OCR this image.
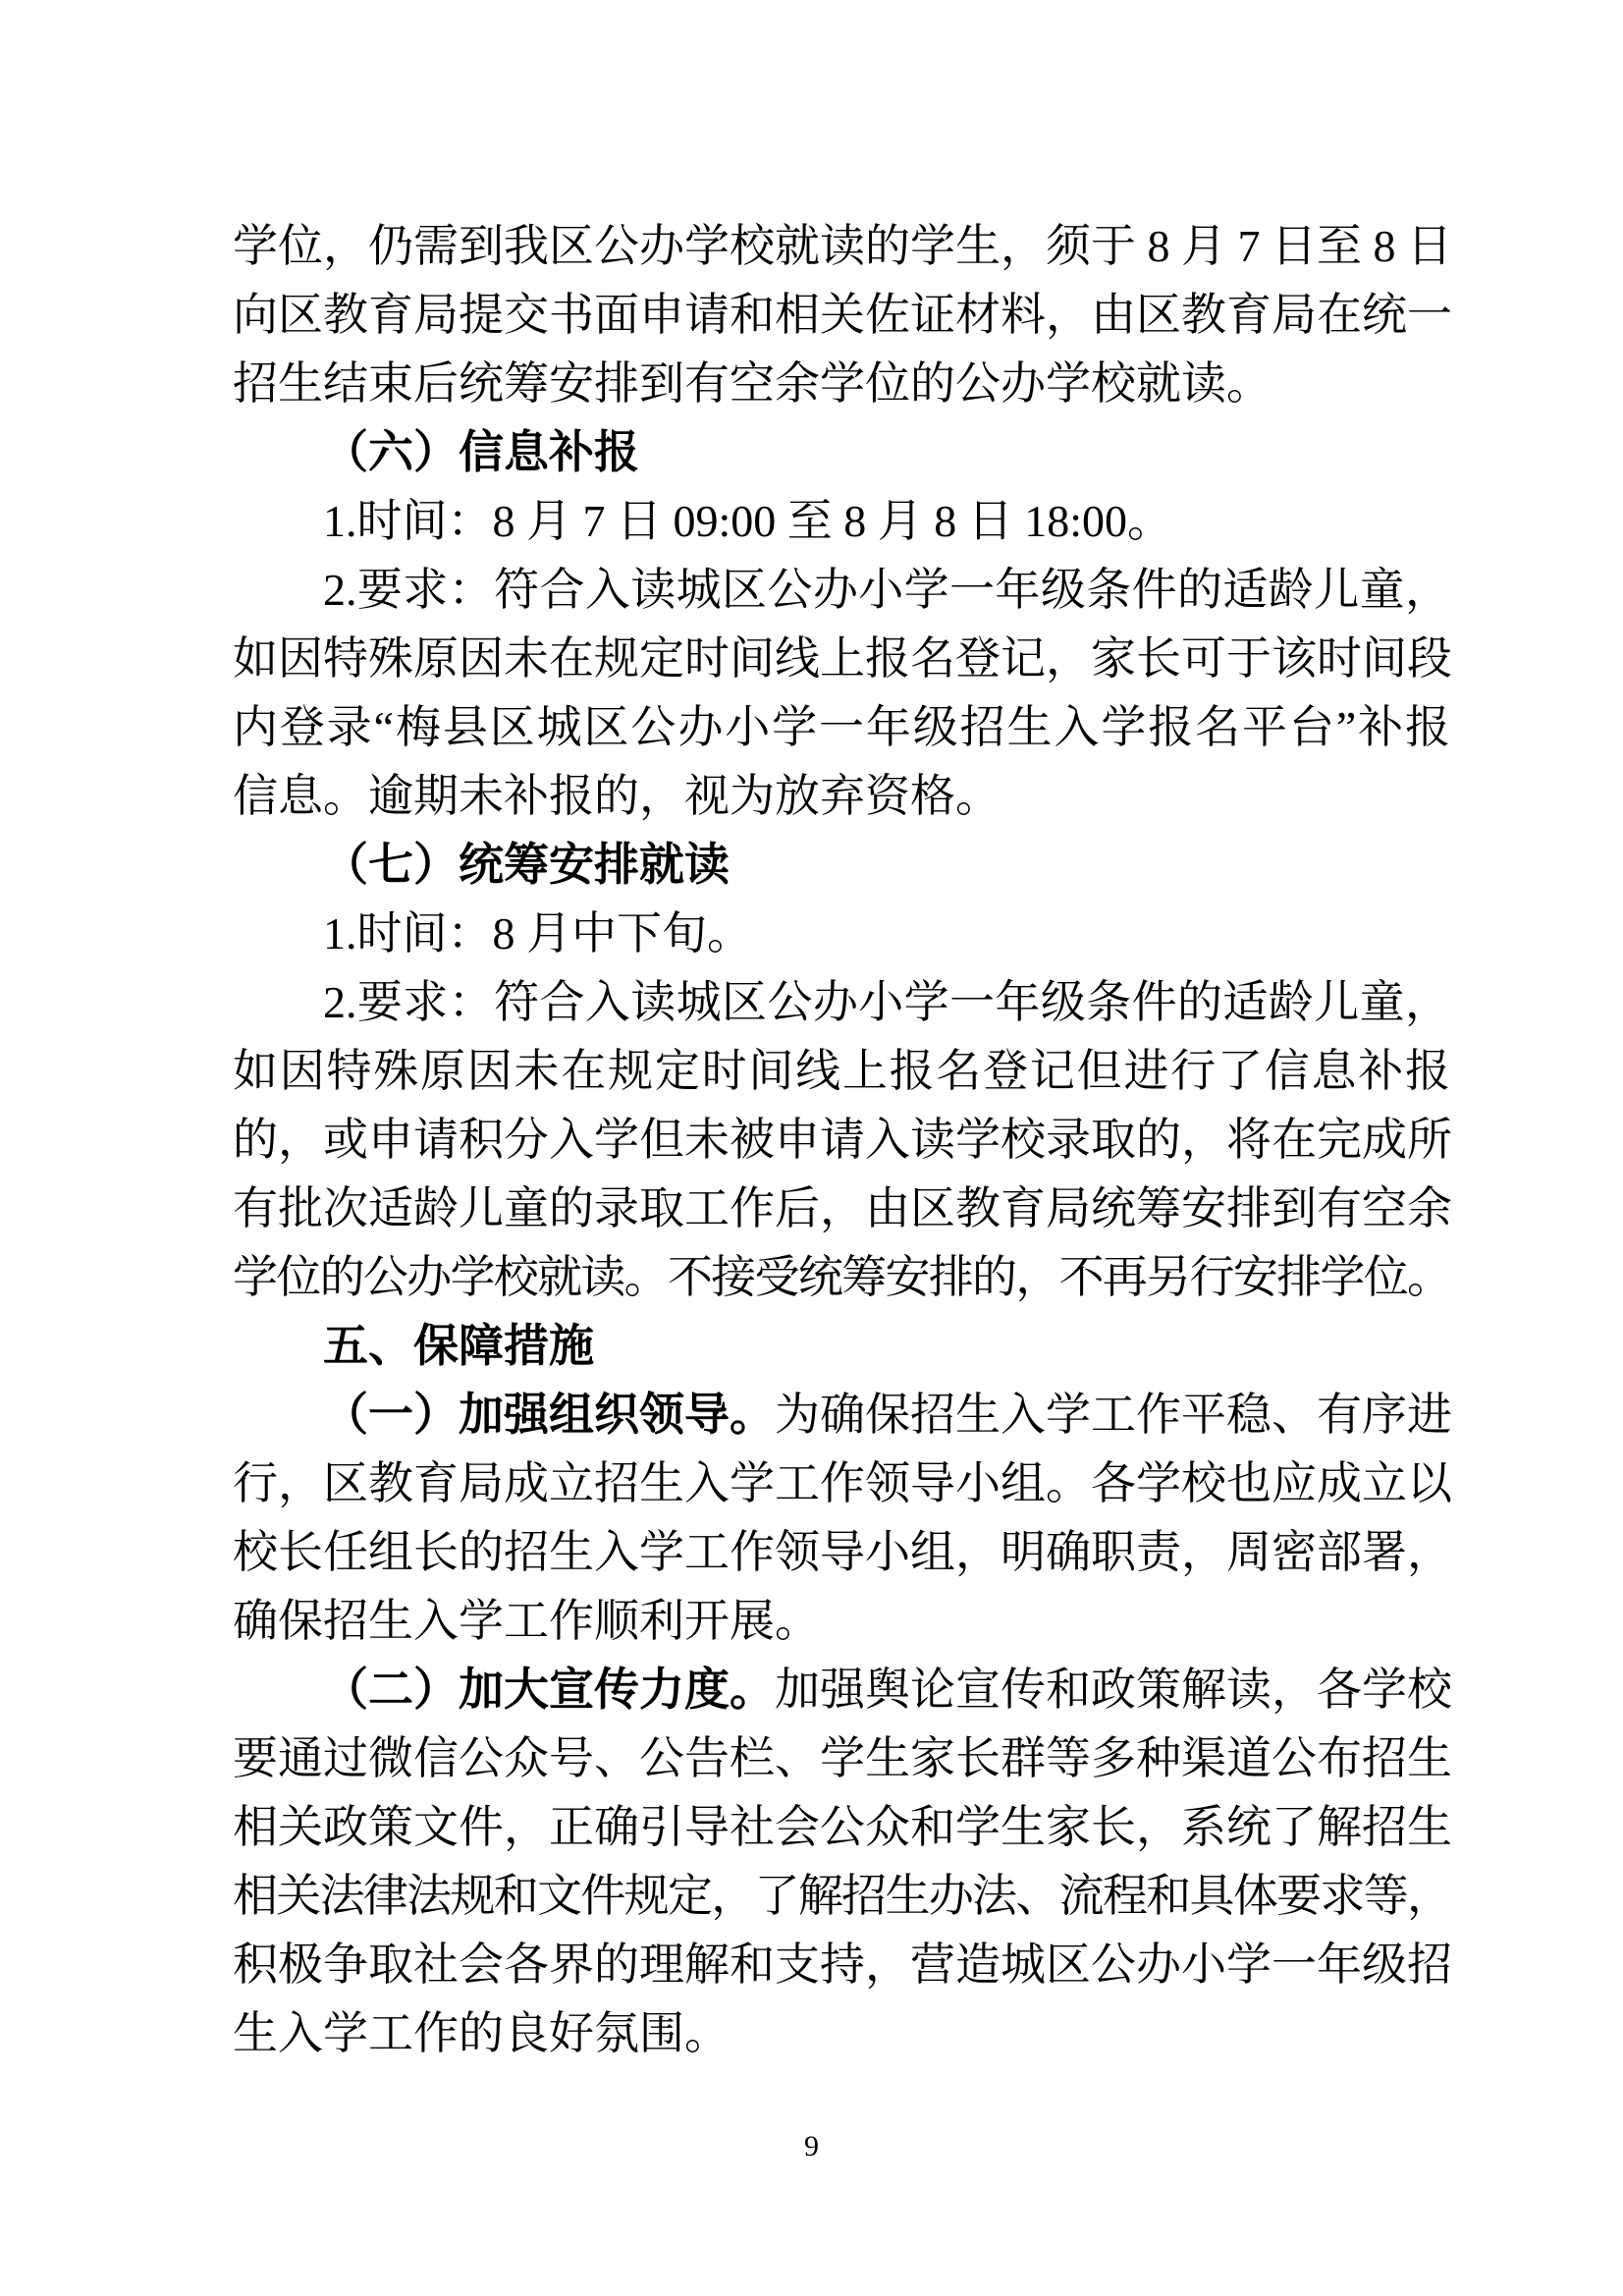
学位，仍需到我区公办学校就读的学生，须于 8 月 7 日至 8 日
向区教育局提交书面申请和相关佐证材料，由区教育局在统一
招生结束后统筹安排到有空余学位的公办学校就读。
（六）信息补报
1.时间：8 月 7 日 09:00 至 8 月 8 日 18:00。
2.要求：符合入读城区公办小学一年级条件的适龄儿童，
如因特殊原因未在规定时间线上报名登记，家长可于该时间段
内登录“梅县区城区公办小学一年级招生入学报名平台”补报
信息。逾期未补报的，视为放弃资格。
（七）统筹安排就读
1.时间：8 月中下旬。
2.要求：符合入读城区公办小学一年级条件的适龄儿童，
如因特殊原因未在规定时间线上报名登记但进行了信息补报
的，或申请积分入学但未被申请入读学校录取的，将在完成所
有批次适龄儿童的录取工作后，由区教育局统筹安排到有空余
学位的公办学校就读。不接受统筹安排的，不再另行安排学位。
五、保障措施
（一）加强组织领导。为确保招生入学工作平稳、有序进
行，区教育局成立招生入学工作领导小组。各学校也应成立以
校长任组长的招生入学工作领导小组，明确职责，周密部署，
确保招生入学工作顺利开展。
（二）加大宣传力度。加强舆论宣传和政策解读，各学校
要通过微信公众号、公告栏、学生家长群等多种渠道公布招生
相关政策文件，正确引导社会公众和学生家长，系统了解招生
相关法律法规和文件规定，了解招生办法、流程和具体要求等，
积极争取社会各界的理解和支持，营造城区公办小学一年级招
生入学工作的良好氛围。
9
